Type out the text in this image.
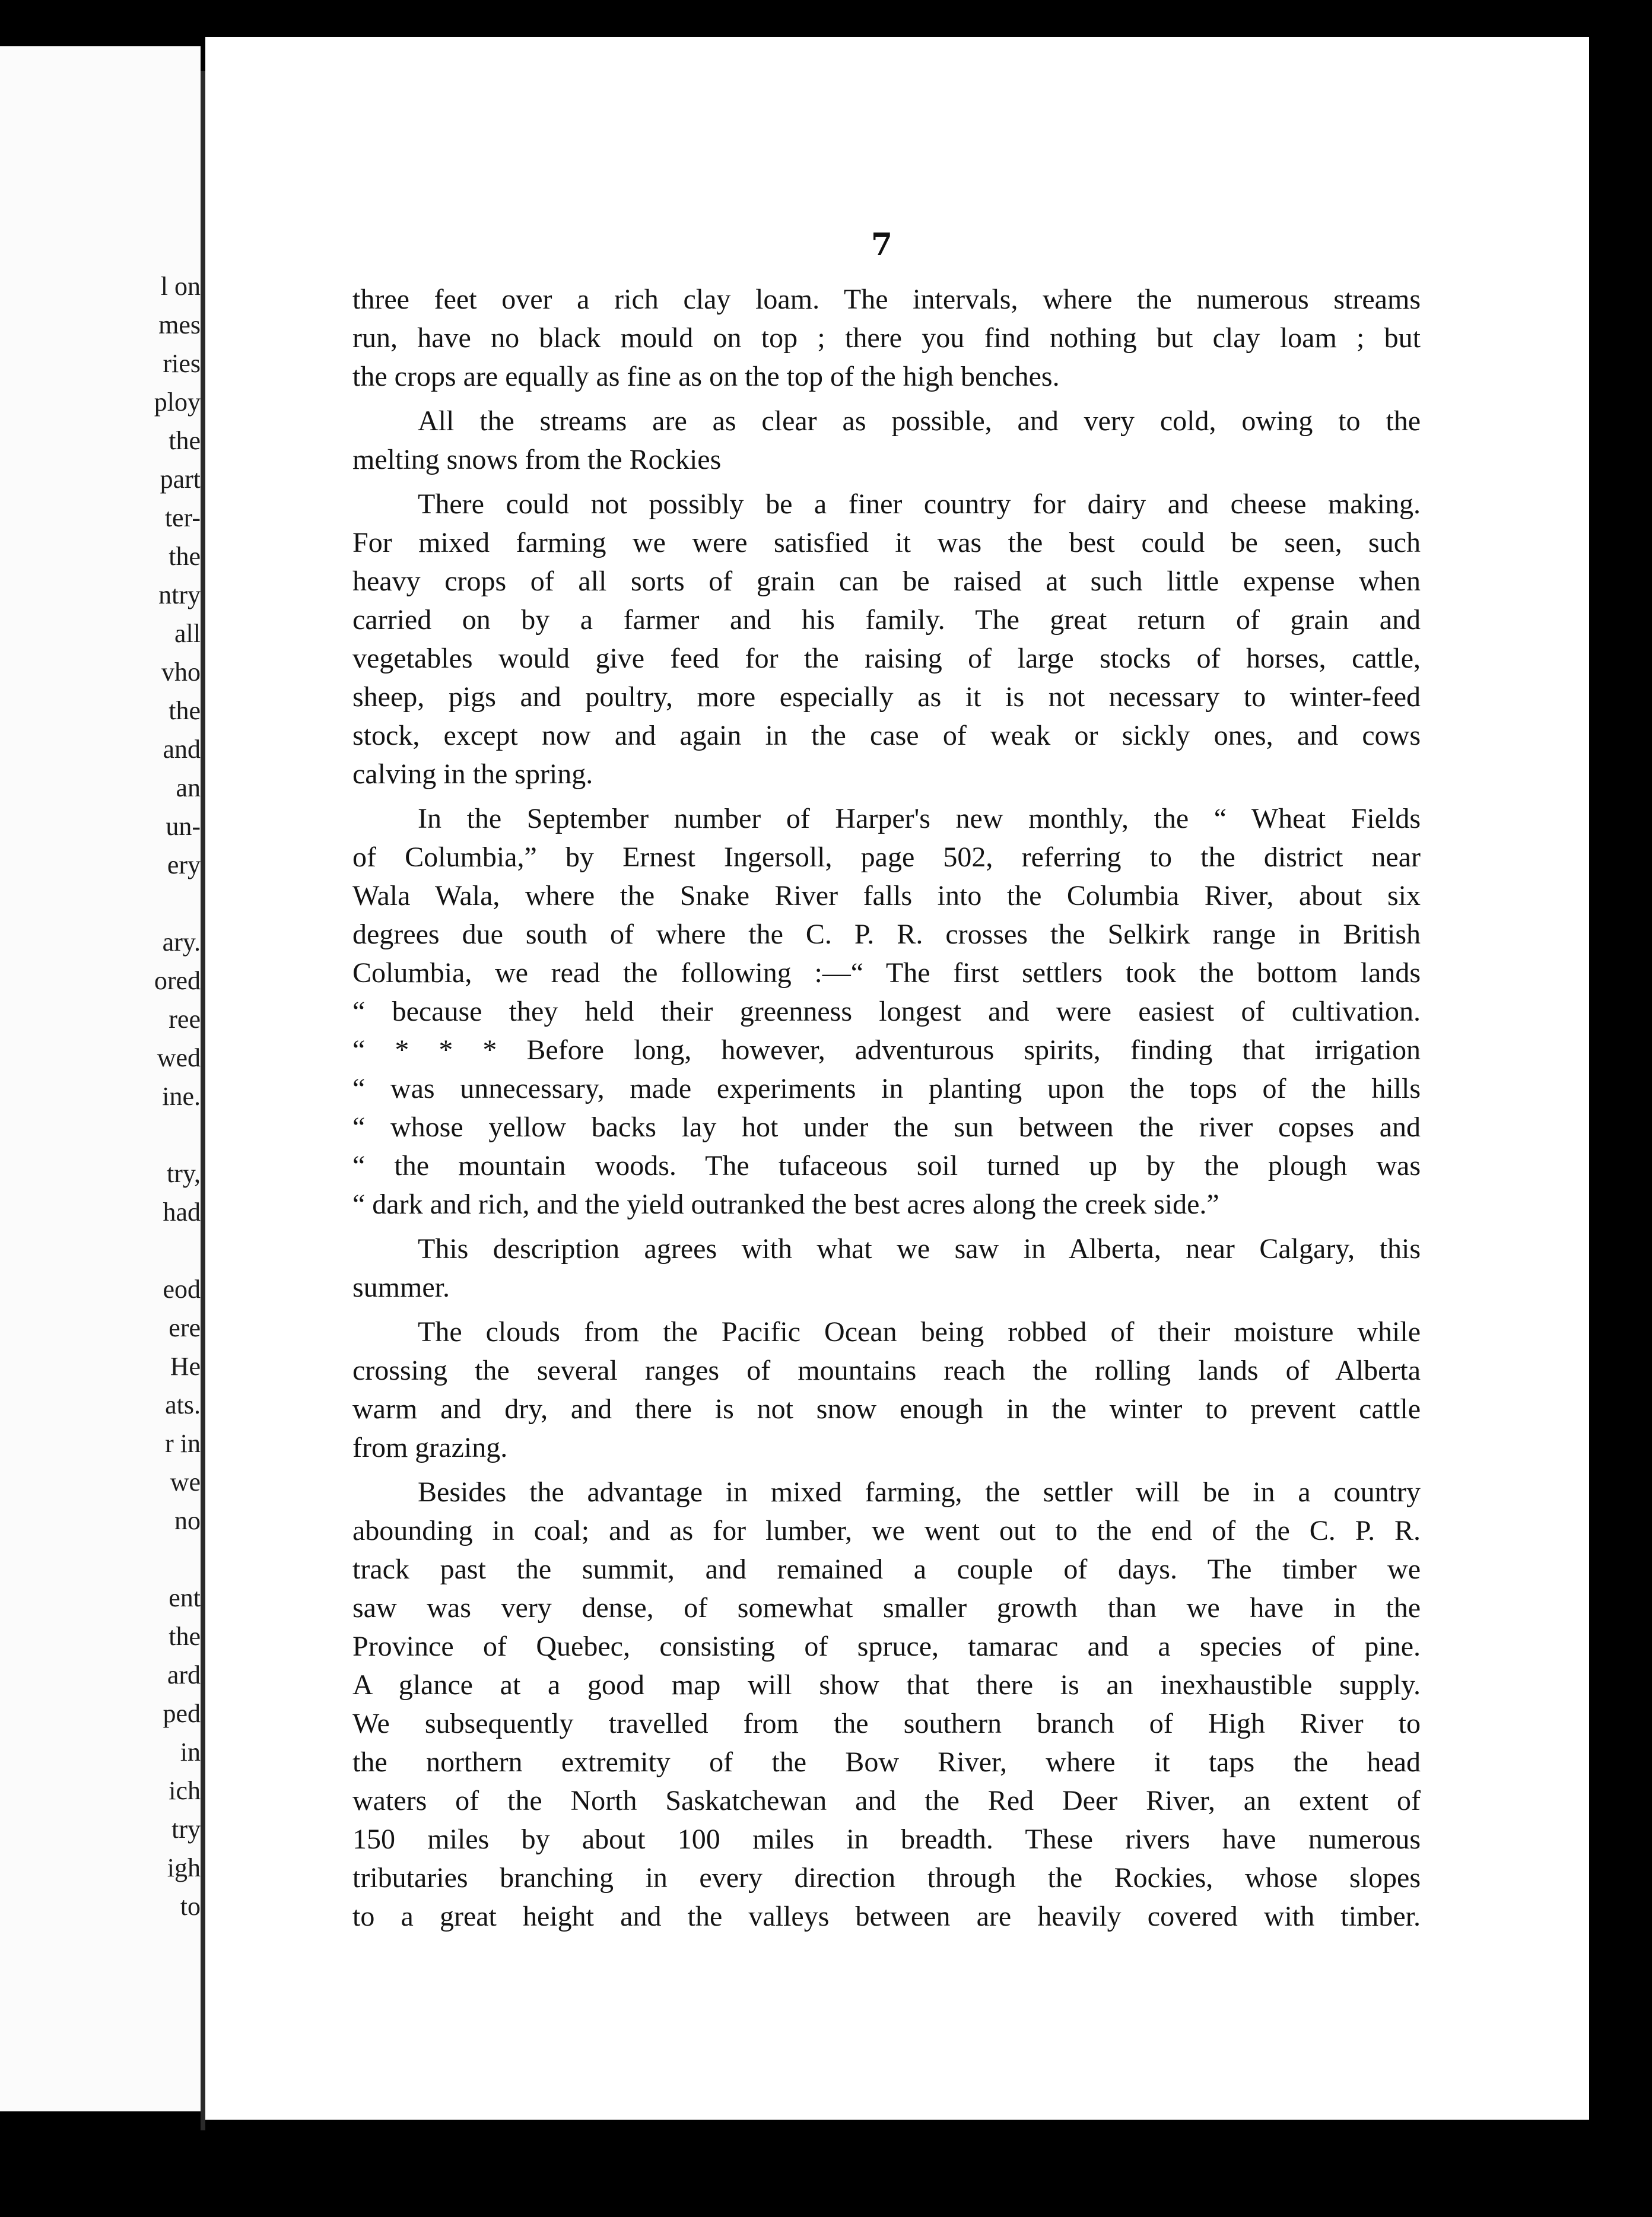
l on
mes
ries
ploy
the
part
ter-
the
ntry
all
vho
the
and
an
un-
ery
ary.
ored
ree
wed
ine.
try,
had
eod
ere
He
ats.
r in
we
no
ent
the
ard
ped
in
ich
try
igh
to
7
three feet over a rich clay loam. The intervals, where the numerous streams
run, have no black mould on top ; there you find nothing but clay loam ; but
the crops are equally as fine as on the top of the high benches.
All the streams are as clear as possible, and very cold, owing to the
melting snows from the Rockies
There could not possibly be a finer country for dairy and cheese making.
For mixed farming we were satisfied it was the best could be seen, such
heavy crops of all sorts of grain can be raised at such little expense when
carried on by a farmer and his family. The great return of grain and
vegetables would give feed for the raising of large stocks of horses, cattle,
sheep, pigs and poultry, more especially as it is not necessary to winter-feed
stock, except now and again in the case of weak or sickly ones, and cows
calving in the spring.
In the September number of Harper's new monthly, the “ Wheat Fields
of Columbia,” by Ernest Ingersoll, page 502, referring to the district near
Wala Wala, where the Snake River falls into the Columbia River, about six
degrees due south of where the C. P. R. crosses the Selkirk range in British
Columbia, we read the following :—“ The first settlers took the bottom lands
“ because they held their greenness longest and were easiest of cultivation.
“ * * * Before long, however, adventurous spirits, finding that irrigation
“ was unnecessary, made experiments in planting upon the tops of the hills
“ whose yellow backs lay hot under the sun between the river copses and
“ the mountain woods. The tufaceous soil turned up by the plough was
“ dark and rich, and the yield outranked the best acres along the creek side.”
This description agrees with what we saw in Alberta, near Calgary, this
summer.
The clouds from the Pacific Ocean being robbed of their moisture while
crossing the several ranges of mountains reach the rolling lands of Alberta
warm and dry, and there is not snow enough in the winter to prevent cattle
from grazing.
Besides the advantage in mixed farming, the settler will be in a country
abounding in coal; and as for lumber, we went out to the end of the C. P. R.
track past the summit, and remained a couple of days. The timber we
saw was very dense, of somewhat smaller growth than we have in the
Province of Quebec, consisting of spruce, tamarac and a species of pine.
A glance at a good map will show that there is an inexhaustible supply.
We subsequently travelled from the southern branch of High River to
the northern extremity of the Bow River, where it taps the head
waters of the North Saskatchewan and the Red Deer River, an extent of
150 miles by about 100 miles in breadth. These rivers have numerous
tributaries branching in every direction through the Rockies, whose slopes
to a great height and the valleys between are heavily covered with timber.
